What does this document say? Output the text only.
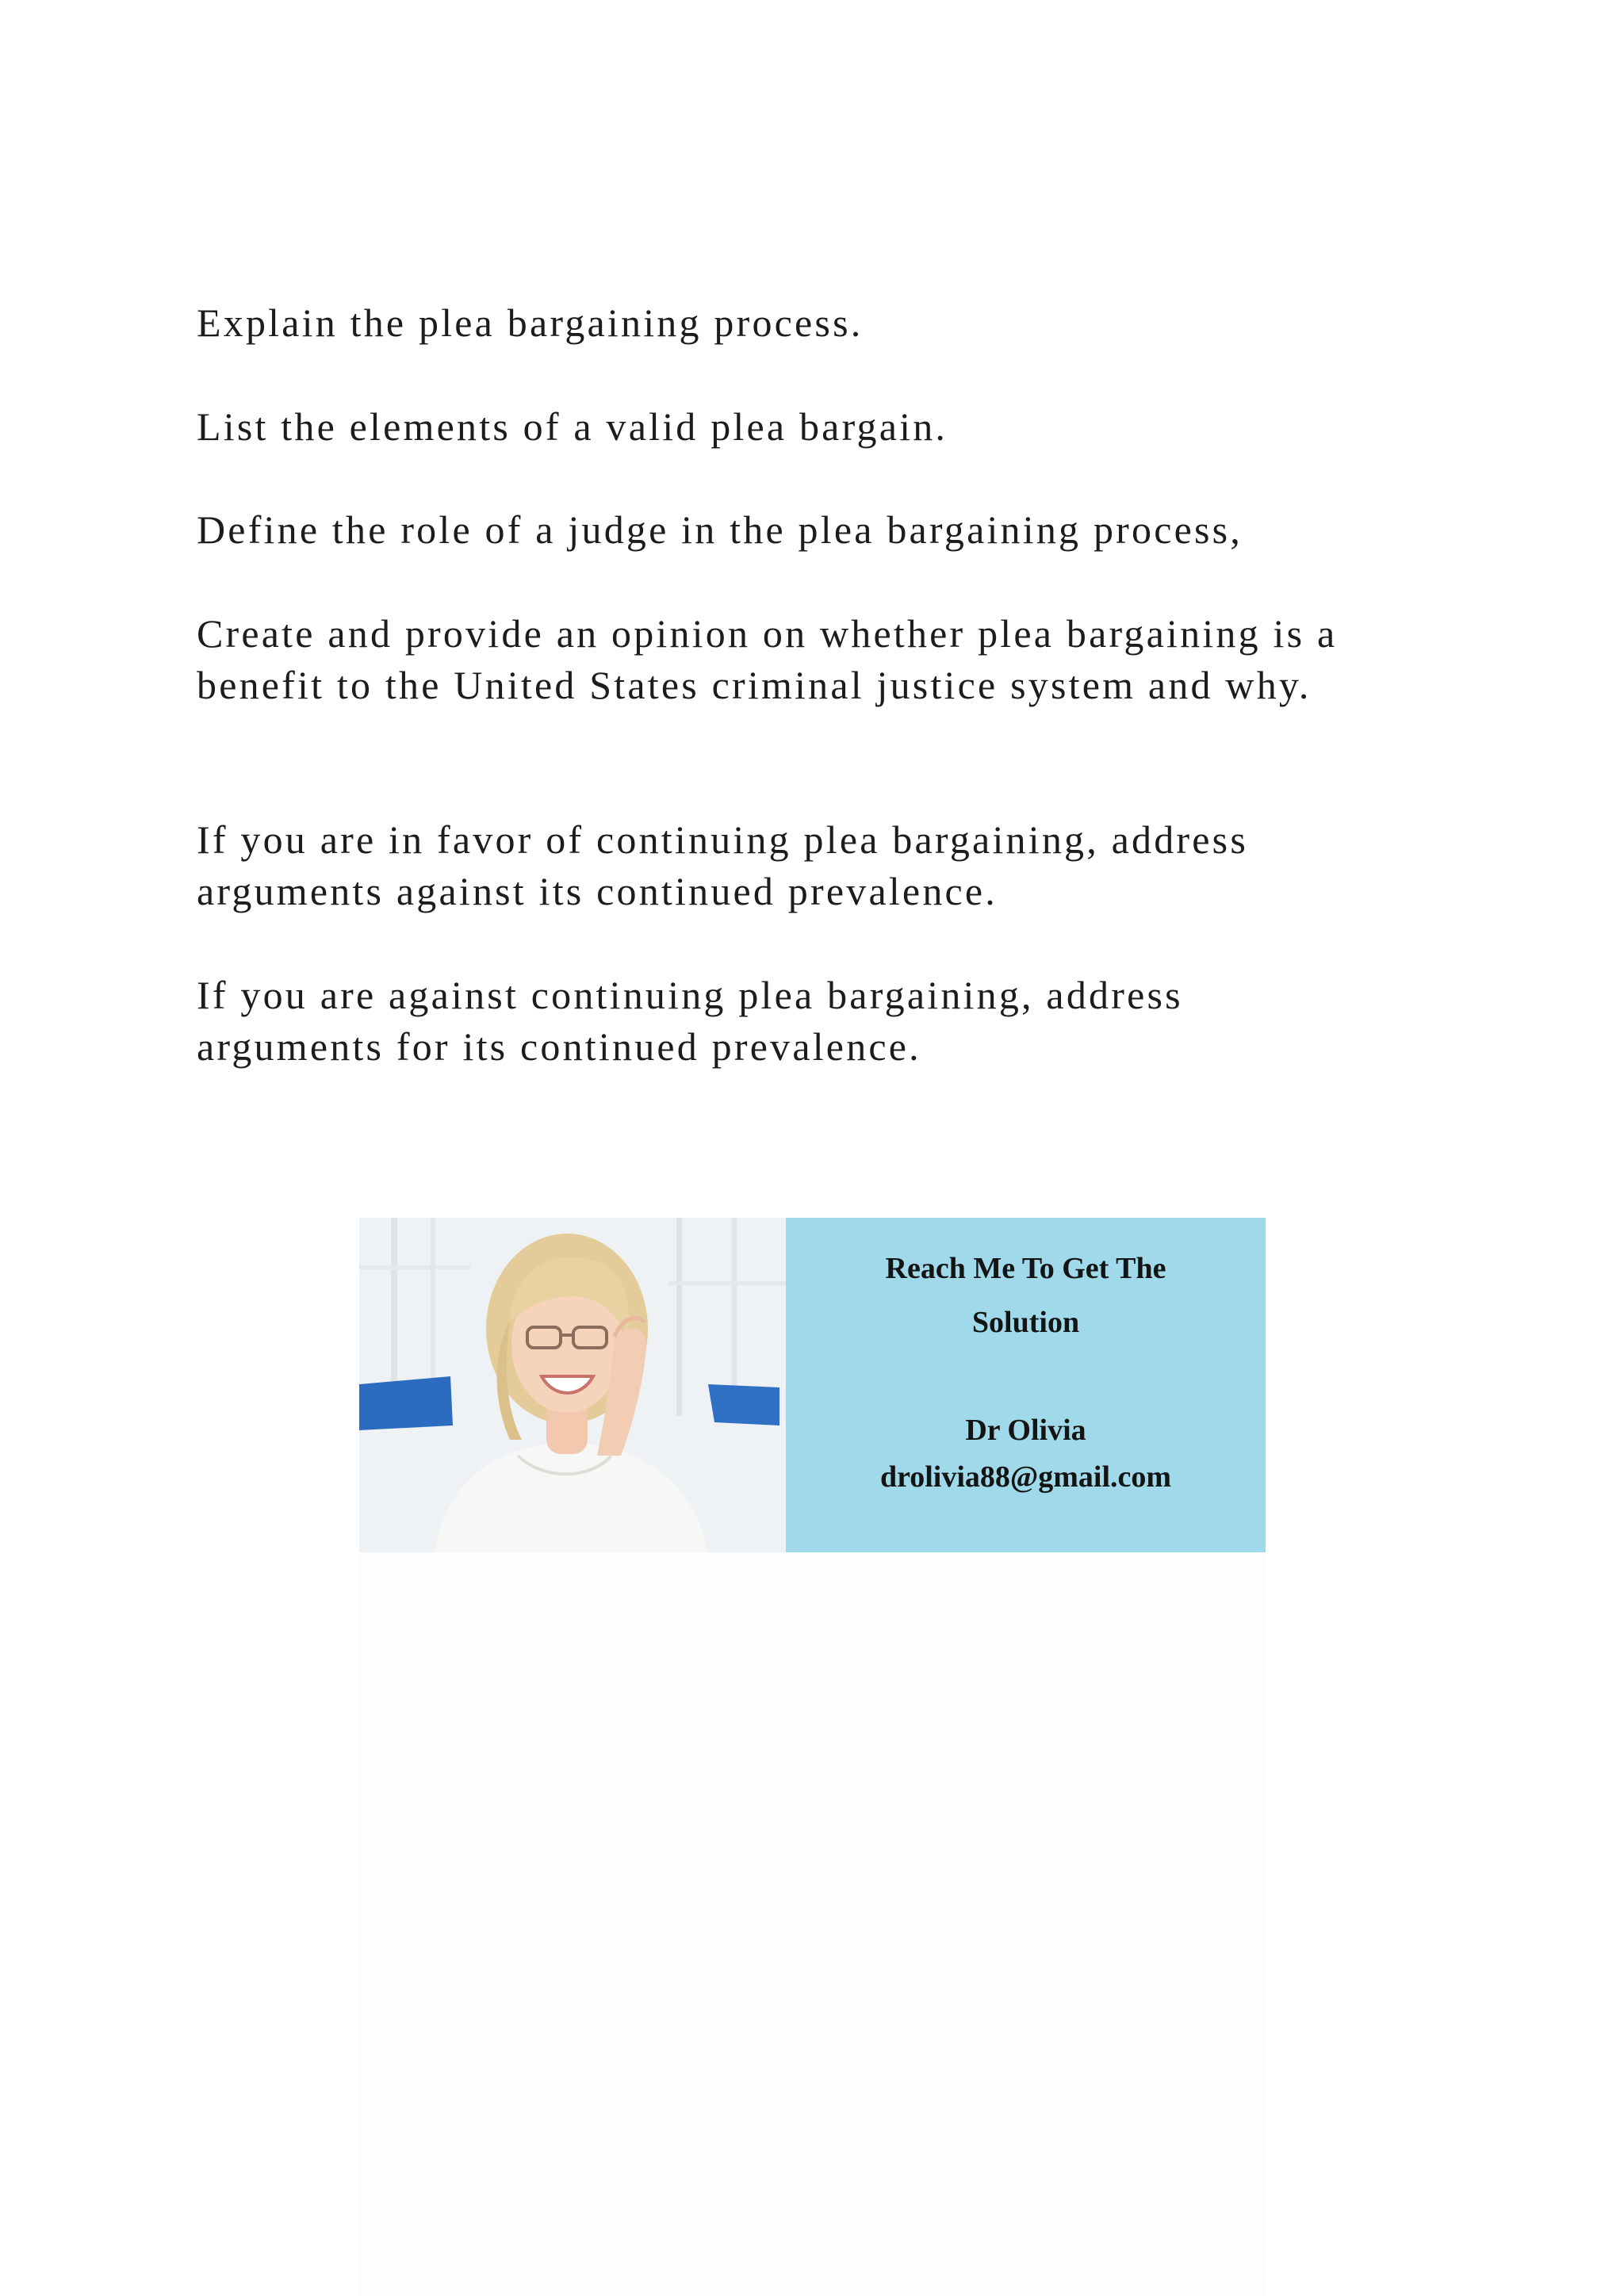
Explain the plea bargaining process.

List the elements of a valid plea bargain.

Define the role of a judge in the plea bargaining process,

Create and provide an opinion on whether plea bargaining is a
benefit to the United States criminal justice system and why.

If you are in favor of continuing plea bargaining, address
arguments against its continued prevalence.

If you are against continuing plea bargaining, address
arguments for its continued prevalence.

Reach Me To Get The
Solution
Dr Olivia
drolivia88@gmail.com
